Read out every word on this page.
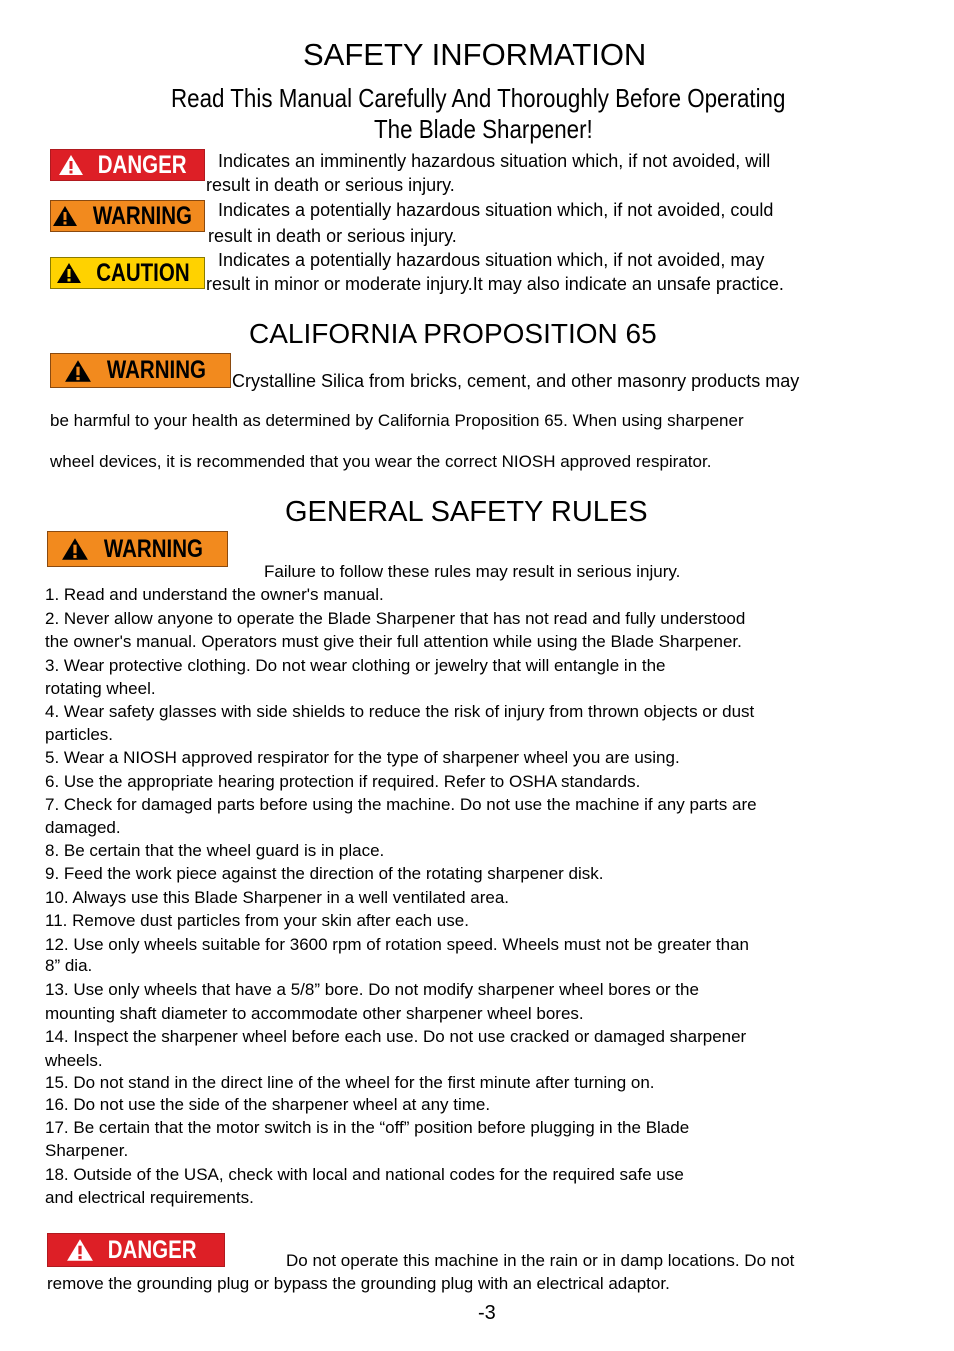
SAFETY INFORMATION
Read This Manual Carefully And Thoroughly Before Operating
The Blade Sharpener!
DANGER Indicates an imminently hazardous situation which, if not avoided, will
result in death or serious injury.
WARNING Indicates a potentially hazardous situation which, if not avoided, could
result in death or serious injury.
CAUTION Indicates a potentially hazardous situation which, if not avoided, may
result in minor or moderate injury.It may also indicate an unsafe practice.
CALIFORNIA PROPOSITION 65
WARNING Crystalline Silica from bricks, cement, and other masonry products may
be harmful to your health as determined by California Proposition 65. When using sharpener
wheel devices, it is recommended that you wear the correct NIOSH approved respirator.
GENERAL SAFETY RULES
WARNING
Failure to follow these rules may result in serious injury.
1. Read and understand the owner's manual.
2. Never allow anyone to operate the Blade Sharpener that has not read and fully understood
the owner's manual. Operators must give their full attention while using the Blade Sharpener.
3. Wear protective clothing. Do not wear clothing or jewelry that will entangle in the
rotating wheel.
4. Wear safety glasses with side shields to reduce the risk of injury from thrown objects or dust
particles.
5. Wear a NIOSH approved respirator for the type of sharpener wheel you are using.
6. Use the appropriate hearing protection if required. Refer to OSHA standards.
7. Check for damaged parts before using the machine. Do not use the machine if any parts are
damaged.
8. Be certain that the wheel guard is in place.
9. Feed the work piece against the direction of the rotating sharpener disk.
10. Always use this Blade Sharpener in a well ventilated area.
11. Remove dust particles from your skin after each use.
12. Use only wheels suitable for 3600 rpm of rotation speed. Wheels must not be greater than
8” dia.
13. Use only wheels that have a 5/8” bore. Do not modify sharpener wheel bores or the
mounting shaft diameter to accommodate other sharpener wheel bores.
14. Inspect the sharpener wheel before each use. Do not use cracked or damaged sharpener
wheels.
15. Do not stand in the direct line of the wheel for the first minute after turning on.
16. Do not use the side of the sharpener wheel at any time.
17. Be certain that the motor switch is in the “off” position before plugging in the Blade
Sharpener.
18. Outside of the USA, check with local and national codes for the required safe use
and electrical requirements.
DANGER	Do not operate this machine in the rain or in damp locations. Do not
remove the grounding plug or bypass the grounding plug with an electrical adaptor.
-3
